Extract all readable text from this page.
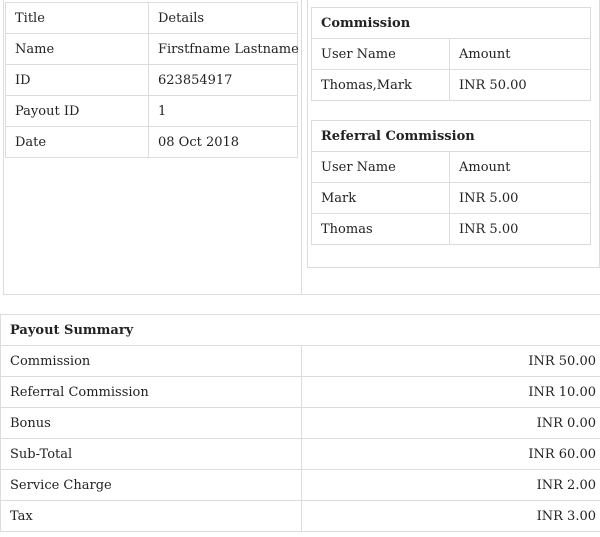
Title	Details
Name	Firstfname Lastname
ID	623854917
Payout ID	1
Date	08 Oct 2018
Commission	
User Name	Amount
Thomas,Mark	INR 50.00
Referral Commission	
User Name	Amount
Mark	INR 5.00
Thomas	INR 5.00
Payout Summary	
Commission	INR 50.00
Referral Commission	INR 10.00
Bonus	INR 0.00
Sub-Total	INR 60.00
Service Charge	INR 2.00
Tax	INR 3.00
